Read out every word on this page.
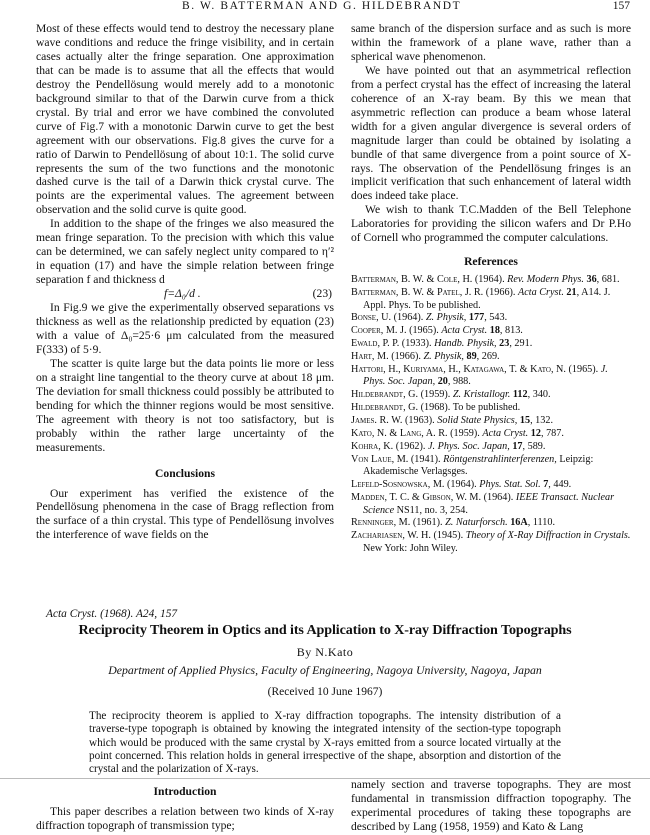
B. W. BATTERMAN AND G. HILDEBRANDT	157

Most of these effects would tend to destroy the necessary plane wave conditions and reduce the fringe visibility, and in certain cases actually alter the fringe separation. One approximation that can be made is to assume that all the effects that would destroy the Pendellösung would merely add to a monotonic background similar to that of the Darwin curve from a thick crystal. By trial and error we have combined the convoluted curve of Fig.7 with a monotonic Darwin curve to get the best agreement with our observations. Fig.8 gives the curve for a ratio of Darwin to Pendellösung of about 10:1. The solid curve represents the sum of the two functions and the monotonic dashed curve is the tail of a Darwin thick crystal curve. The points are the experimental values. The agreement between observation and the solid curve is quite good.

In addition to the shape of the fringes we also measured the mean fringe separation. To the precision with which this value can be determined, we can safely neglect unity compared to η′² in equation (17) and have the simple relation between fringe separation f and thickness d

f=Δ₀/d .	(23)

In Fig.9 we give the experimentally observed separations vs thickness as well as the relationship predicted by equation (23) with a value of Δ₀=25·6 μm calculated from the measured F(333) of 5·9.

The scatter is quite large but the data points lie more or less on a straight line tangential to the theory curve at about 18 μm. The deviation for small thickness could possibly be attributed to bending for which the thinner regions would be most sensitive. The agreement with theory is not too satisfactory, but is probably within the rather large uncertainty of the measurements.

Conclusions

Our experiment has verified the existence of the Pendellösung phenomena in the case of Bragg reflection from the surface of a thin crystal. This type of Pendellösung involves the interference of wave fields on the

same branch of the dispersion surface and as such is more within the framework of a plane wave, rather than a spherical wave phenomenon.

We have pointed out that an asymmetrical reflection from a perfect crystal has the effect of increasing the lateral coherence of an X-ray beam. By this we mean that asymmetric reflection can produce a beam whose lateral width for a given angular divergence is several orders of magnitude larger than could be obtained by isolating a bundle of that same divergence from a point source of X-rays. The observation of the Pendellösung fringes is an implicit verification that such enhancement of lateral width does indeed take place.

We wish to thank T.C.Madden of the Bell Telephone Laboratories for providing the silicon wafers and Dr P.Ho of Cornell who programmed the computer calculations.

References
Batterman, B. W. & Cole, H. (1964). Rev. Modern Phys. 36, 681.
Batterman, B. W. & Patel, J. R. (1966). Acta Cryst. 21, A14. J. Appl. Phys. To be published.
Bonse, U. (1964). Z. Physik, 177, 543.
Cooper, M. J. (1965). Acta Cryst. 18, 813.
Ewald, P. P. (1933). Handb. Physik, 23, 291.
Hart, M. (1966). Z. Physik, 89, 269.
Hattori, H., Kuriyama, H., Katagawa, T. & Kato, N. (1965). J. Phys. Soc. Japan, 20, 988.
Hildebrandt, G. (1959). Z. Kristallogr. 112, 340.
Hildebrandt, G. (1968). To be published.
James. R. W. (1963). Solid State Physics, 15, 132.
Kato, N. & Lang, A. R. (1959). Acta Cryst. 12, 787.
Kohra, K. (1962). J. Phys. Soc. Japan, 17, 589.
Von Laue, M. (1941). Röntgenstrahlinterferenzen, Leipzig: Akademische Verlagsges.
Lefeld-Sosnowska, M. (1964). Phys. Stat. Sol. 7, 449.
Madden, T. C. & Gibson, W. M. (1964). IEEE Transact. Nuclear Science NS11, no. 3, 254.
Renninger, M. (1961). Z. Naturforsch. 16A, 1110.
Zachariasen, W. H. (1945). Theory of X-Ray Diffraction in Crystals. New York: John Wiley.
Acta Cryst. (1968). A24, 157
Reciprocity Theorem in Optics and its Application to X-ray Diffraction Topographs
By N.Kato
Department of Applied Physics, Faculty of Engineering, Nagoya University, Nagoya, Japan
(Received 10 June 1967)

The reciprocity theorem is applied to X-ray diffraction topographs. The intensity distribution of a traverse-type topograph is obtained by knowing the integrated intensity of the section-type topograph which would be produced with the same crystal by X-rays emitted from a source located virtually at the point concerned. This relation holds in general irrespective of the shape, absorption and distortion of the crystal and the polarization of X-rays.

Introduction

This paper describes a relation between two kinds of X-ray diffraction topograph of transmission type;

namely section and traverse topographs. They are most fundamental in transmission diffraction topography. The experimental procedures of taking these topographs are described by Lang (1958, 1959) and Kato & Lang
